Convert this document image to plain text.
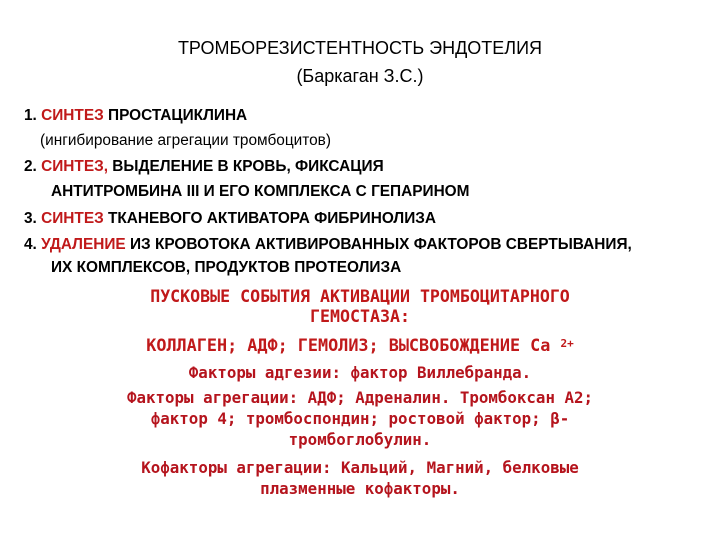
ТРОМБОРЕЗИСТЕНТНОСТЬ ЭНДОТЕЛИЯ
(Баркаган З.С.)
1. СИНТЕЗ ПРОСТАЦИКЛИНА
(ингибирование агрегации тромбоцитов)
2. СИНТЕЗ, ВЫДЕЛЕНИЕ В КРОВЬ, ФИКСАЦИЯ
АНТИТРОМБИНА III И ЕГО КОМПЛЕКСА С ГЕПАРИНОМ
3. СИНТЕЗ ТКАНЕВОГО АКТИВАТОРА ФИБРИНОЛИЗА
4. УДАЛЕНИЕ ИЗ КРОВОТОКА АКТИВИРОВАННЫХ ФАКТОРОВ СВЕРТЫВАНИЯ,
ИХ КОМПЛЕКСОВ, ПРОДУКТОВ ПРОТЕОЛИЗА
ПУСКОВЫЕ СОБЫТИЯ АКТИВАЦИИ ТРОМБОЦИТАРНОГО
ГЕМОСТАЗА:
КОЛЛАГЕН; АДФ; ГЕМОЛИЗ; ВЫСВОБОЖДЕНИЕ Са $^{2+}$
Факторы адгезии: фактор Виллебранда.
Факторы агрегации: АДФ; Адреналин. Тромбоксан А2;
фактор 4; тромбоспондин; ростовой фактор; β-
тромбоглобулин.
Кофакторы агрегации: Кальций, Магний, белковые
плазменные кофакторы.
